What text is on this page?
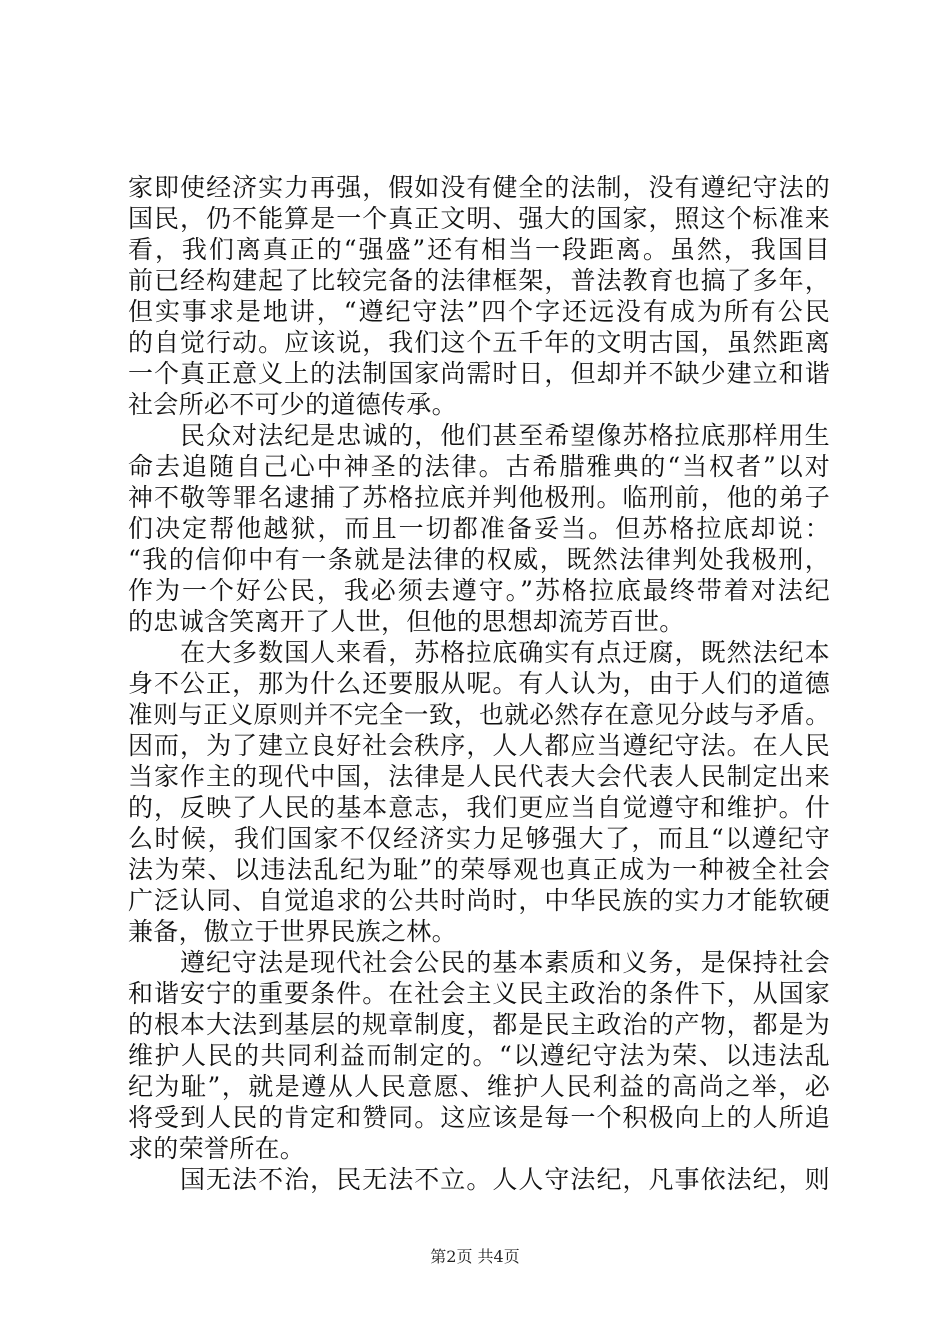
家即使经济实力再强，假如没有健全的法制，没有遵纪守法的
国民，仍不能算是一个真正文明、强大的国家，照这个标准来
看，我们离真正的“强盛”还有相当一段距离。虽然，我国目
前已经构建起了比较完备的法律框架，普法教育也搞了多年，
但实事求是地讲，“遵纪守法”四个字还远没有成为所有公民
的自觉行动。应该说，我们这个五千年的文明古国，虽然距离
一个真正意义上的法制国家尚需时日，但却并不缺少建立和谐
社会所必不可少的道德传承。
民众对法纪是忠诚的，他们甚至希望像苏格拉底那样用生
命去追随自己心中神圣的法律。古希腊雅典的“当权者”以对
神不敬等罪名逮捕了苏格拉底并判他极刑。临刑前，他的弟子
们决定帮他越狱，而且一切都准备妥当。但苏格拉底却说：
“我的信仰中有一条就是法律的权威，既然法律判处我极刑，
作为一个好公民，我必须去遵守。”苏格拉底最终带着对法纪
的忠诚含笑离开了人世，但他的思想却流芳百世。
在大多数国人来看，苏格拉底确实有点迂腐，既然法纪本
身不公正，那为什么还要服从呢。有人认为，由于人们的道德
准则与正义原则并不完全一致，也就必然存在意见分歧与矛盾。
因而，为了建立良好社会秩序，人人都应当遵纪守法。在人民
当家作主的现代中国，法律是人民代表大会代表人民制定出来
的，反映了人民的基本意志，我们更应当自觉遵守和维护。什
么时候，我们国家不仅经济实力足够强大了，而且“以遵纪守
法为荣、以违法乱纪为耻”的荣辱观也真正成为一种被全社会
广泛认同、自觉追求的公共时尚时，中华民族的实力才能软硬
兼备，傲立于世界民族之林。
遵纪守法是现代社会公民的基本素质和义务，是保持社会
和谐安宁的重要条件。在社会主义民主政治的条件下，从国家
的根本大法到基层的规章制度，都是民主政治的产物，都是为
维护人民的共同利益而制定的。“以遵纪守法为荣、以违法乱
纪为耻”，就是遵从人民意愿、维护人民利益的高尚之举，必
将受到人民的肯定和赞同。这应该是每一个积极向上的人所追
求的荣誉所在。
国无法不治，民无法不立。人人守法纪，凡事依法纪，则
第2页 共4页
